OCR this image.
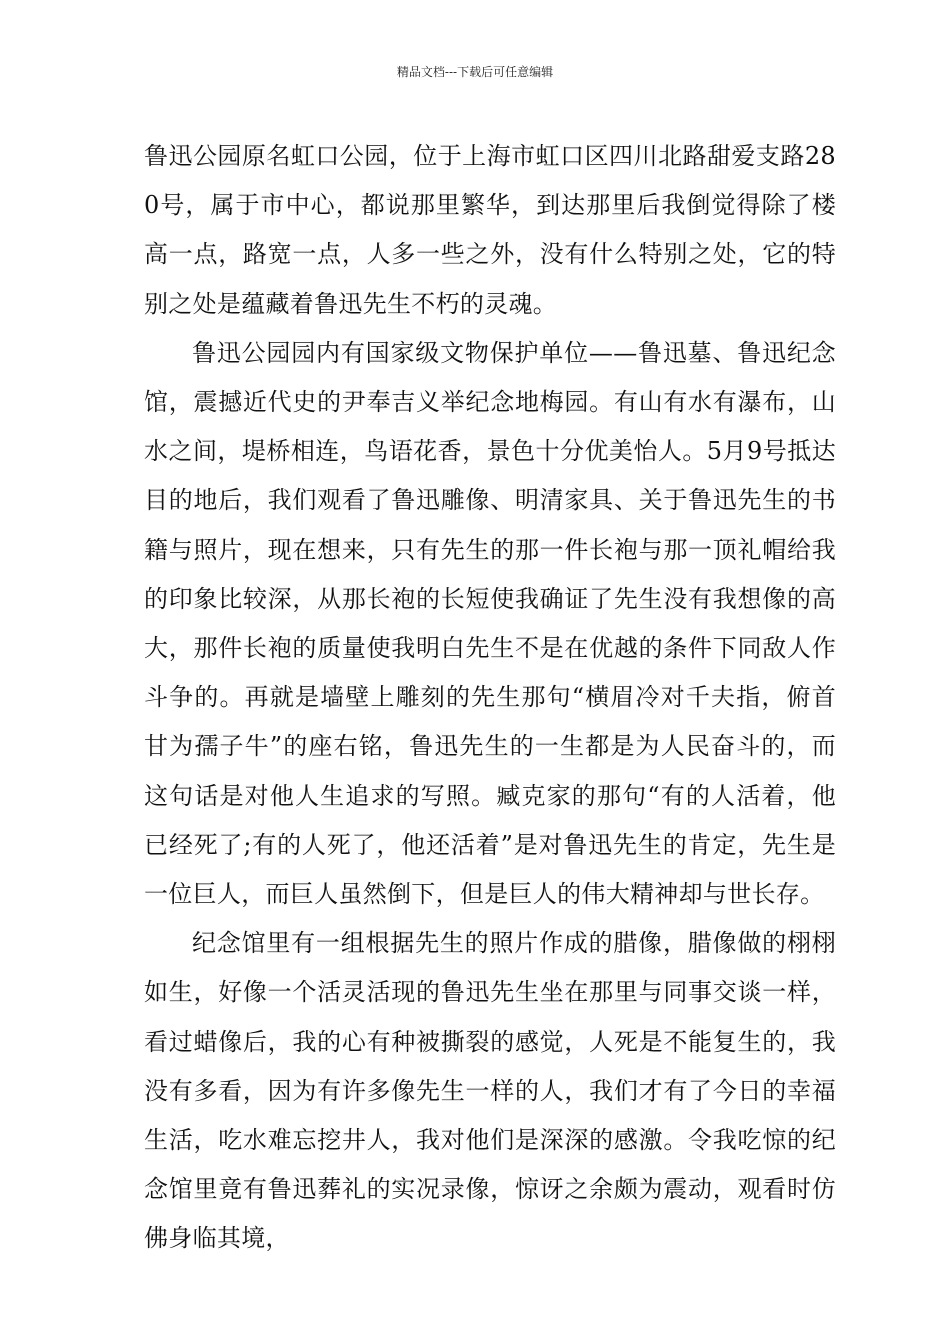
精品文档---下载后可任意编辑

鲁迅公园原名虹口公园，位于上海市虹口区四川北路甜爱支路280号，属于市中心，都说那里繁华，到达那里后我倒觉得除了楼高一点，路宽一点，人多一些之外，没有什么特别之处，它的特别之处是蕴藏着鲁迅先生不朽的灵魂。

鲁迅公园园内有国家级文物保护单位——鲁迅墓、鲁迅纪念馆，震撼近代史的尹奉吉义举纪念地梅园。有山有水有瀑布，山水之间，堤桥相连，鸟语花香，景色十分优美怡人。5月9号抵达目的地后，我们观看了鲁迅雕像、明清家具、关于鲁迅先生的书籍与照片，现在想来，只有先生的那一件长袍与那一顶礼帽给我的印象比较深，从那长袍的长短使我确证了先生没有我想像的高大，那件长袍的质量使我明白先生不是在优越的条件下同敌人作斗争的。再就是墙壁上雕刻的先生那句“横眉冷对千夫指，俯首甘为孺子牛”的座右铭，鲁迅先生的一生都是为人民奋斗的，而这句话是对他人生追求的写照。臧克家的那句“有的人活着，他已经死了;有的人死了，他还活着”是对鲁迅先生的肯定，先生是一位巨人，而巨人虽然倒下，但是巨人的伟大精神却与世长存。

纪念馆里有一组根据先生的照片作成的腊像，腊像做的栩栩如生，好像一个活灵活现的鲁迅先生坐在那里与同事交谈一样，看过蜡像后，我的心有种被撕裂的感觉，人死是不能复生的，我没有多看，因为有许多像先生一样的人，我们才有了今日的幸福生活，吃水难忘挖井人，我对他们是深深的感激。令我吃惊的纪念馆里竟有鲁迅葬礼的实况录像，惊讶之余颇为震动，观看时仿佛身临其境，
